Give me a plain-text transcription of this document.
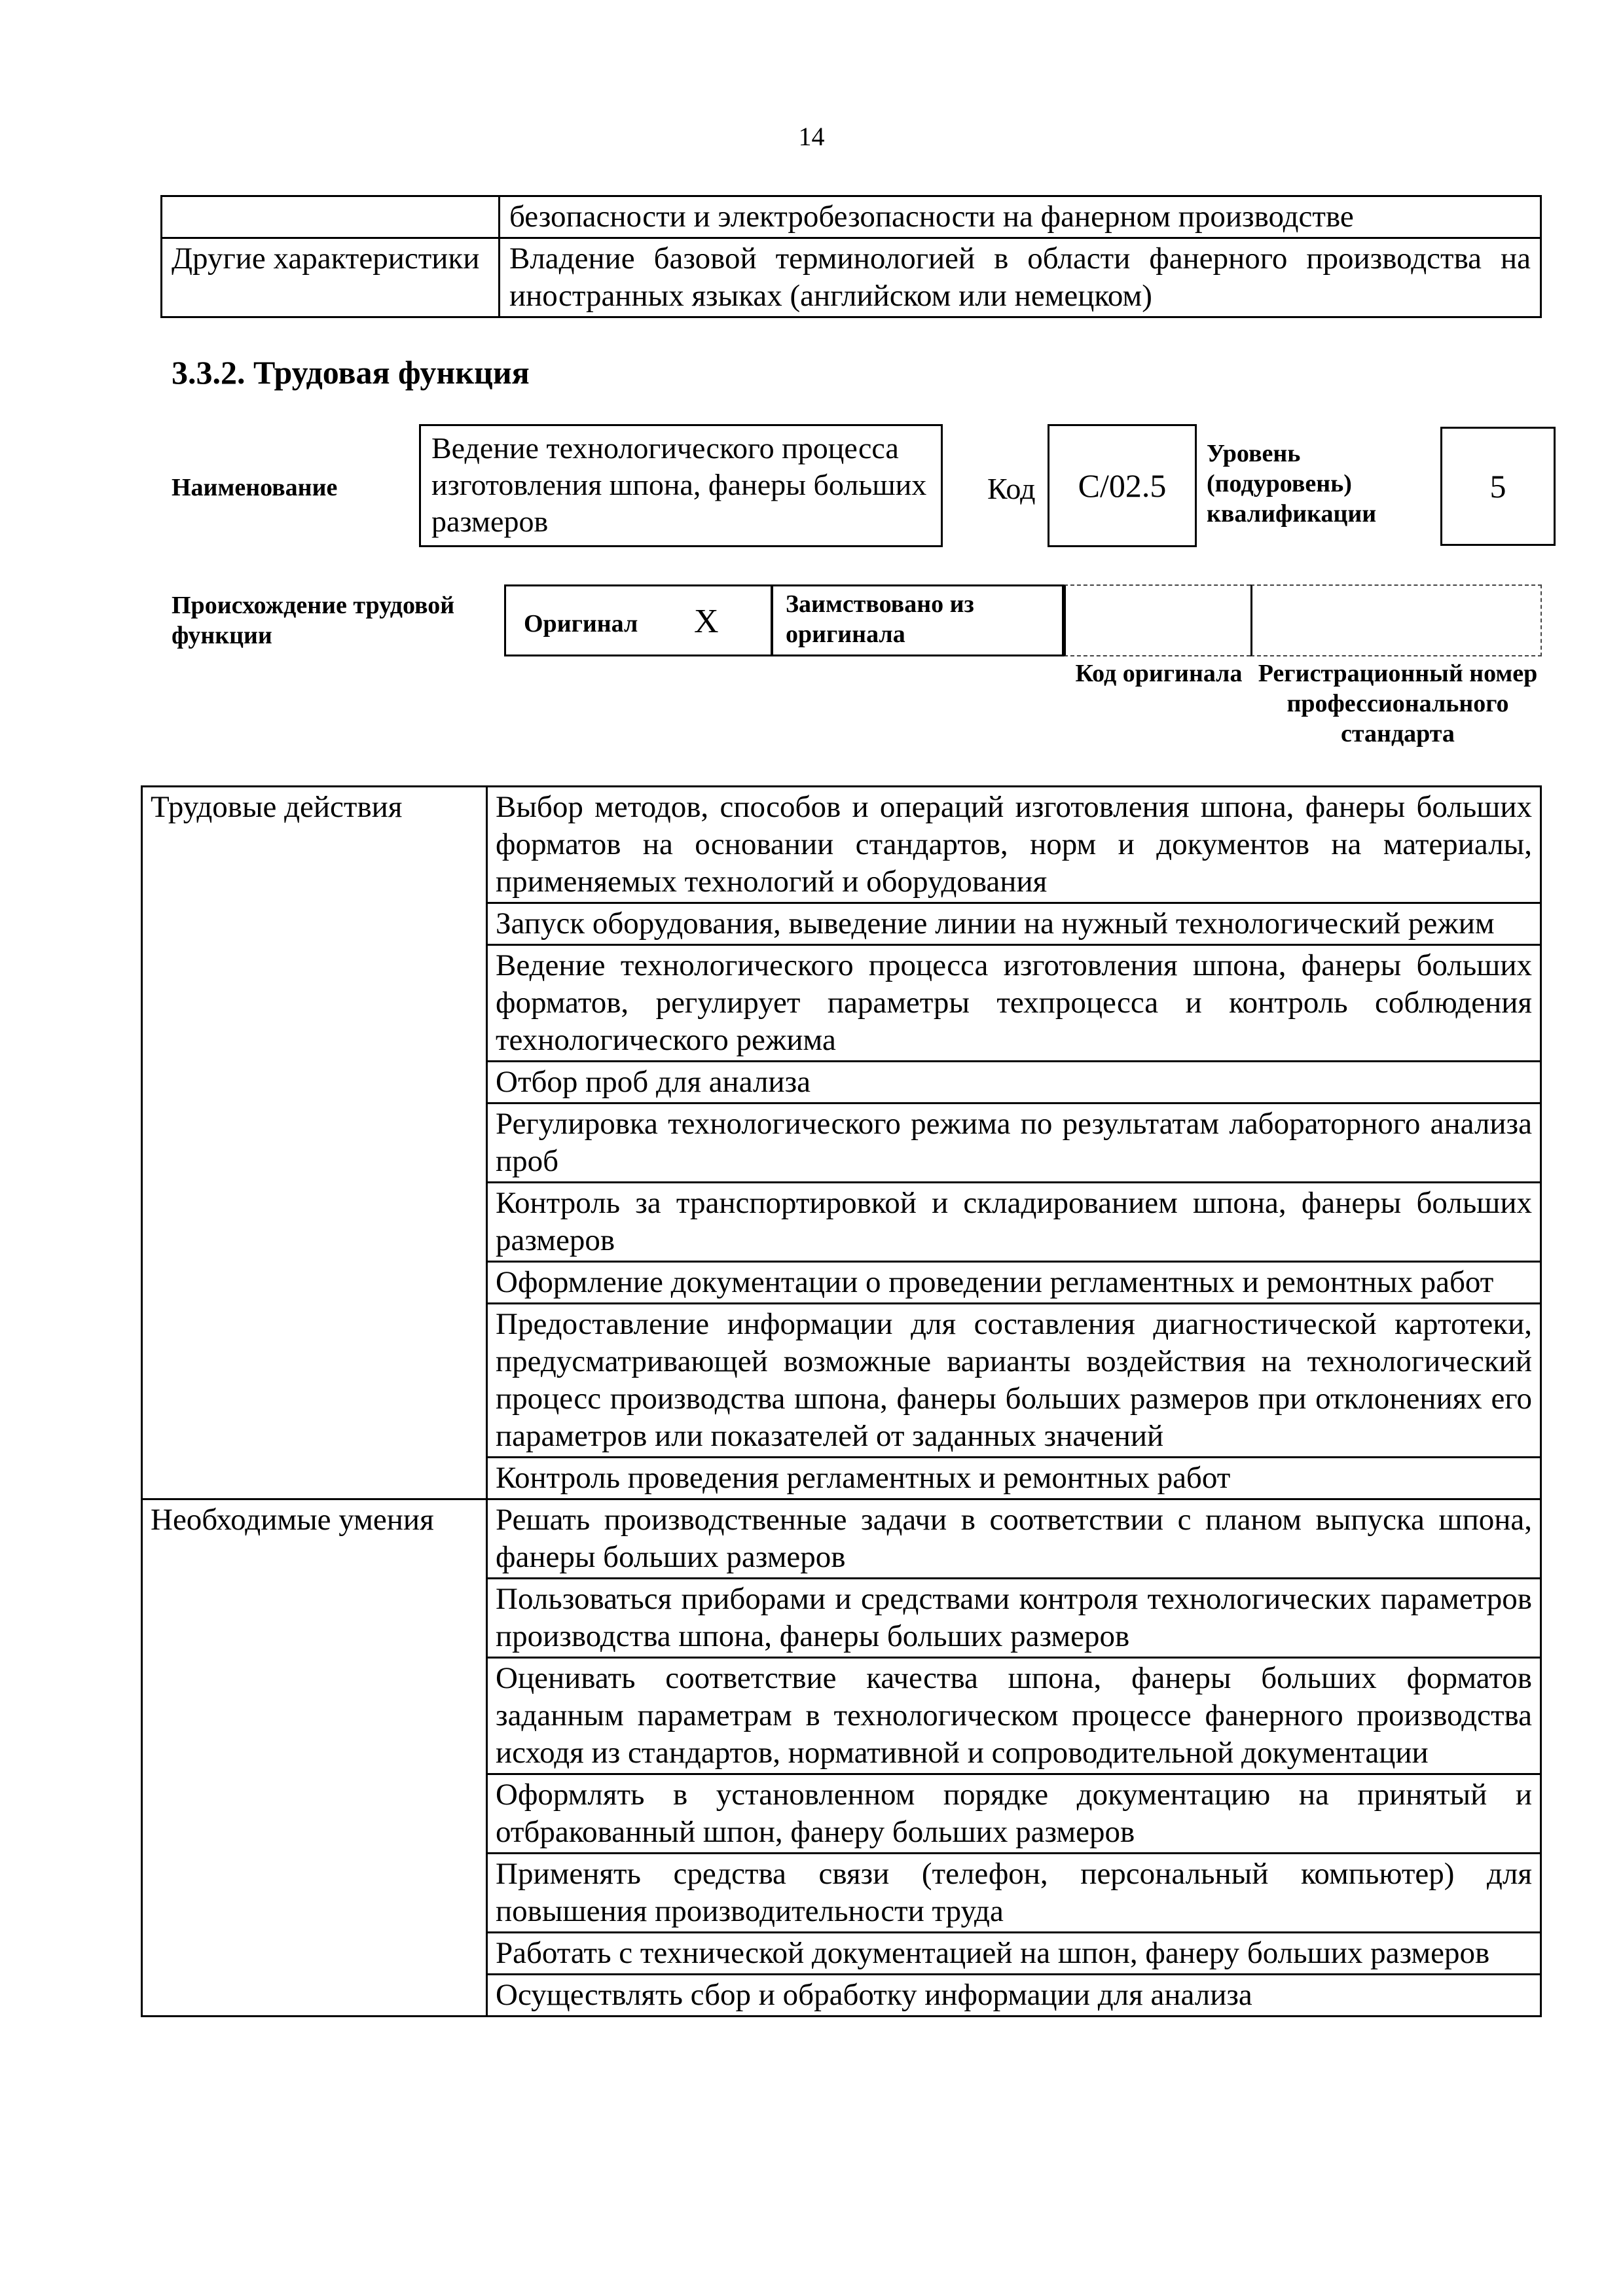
14
	безопасности и электробезопасности на фанерном производстве
Другие характеристики	Владение базовой терминологией в области фанерного производства на иностранных языках (английском или немецком)
3.3.2. Трудовая функция
Наименование
Ведение технологического процесса изготовления шпона, фанеры больших размеров
Код C/02.5
Уровень (подуровень) квалификации
5
Происхождение трудовой функции	Оригинал X	Заимствовано из оригинала
Код оригинала Регистрационный номер профессионального стандарта
Трудовые действия	Выбор методов, способов и операций изготовления шпона, фанеры больших форматов на основании стандартов, норм и документов на материалы, применяемых технологий и оборудования
	Запуск оборудования, выведение линии на нужный технологический режим
	Ведение технологического процесса изготовления шпона, фанеры больших форматов, регулирует параметры техпроцесса и контроль соблюдения технологического режима
	Отбор проб для анализа
	Регулировка технологического режима по результатам лабораторного анализа проб
	Контроль за транспортировкой и складированием шпона, фанеры больших размеров
	Оформление документации о проведении регламентных и ремонтных работ
	Предоставление информации для составления диагностической картотеки, предусматривающей возможные варианты воздействия на технологический процесс производства шпона, фанеры больших размеров при отклонениях его параметров или показателей от заданных значений
	Контроль проведения регламентных и ремонтных работ
Необходимые умения	Решать производственные задачи в соответствии с планом выпуска шпона, фанеры больших размеров
	Пользоваться приборами и средствами контроля технологических параметров производства шпона, фанеры больших размеров
	Оценивать соответствие качества шпона, фанеры больших форматов заданным параметрам в технологическом процессе фанерного производства исходя из стандартов, нормативной и сопроводительной документации
	Оформлять в установленном порядке документацию на принятый и отбракованный шпон, фанеру больших размеров
	Применять средства связи (телефон, персональный компьютер) для повышения производительности труда
	Работать с технической документацией на шпон, фанеру больших размеров
	Осуществлять сбор и обработку информации для анализа
